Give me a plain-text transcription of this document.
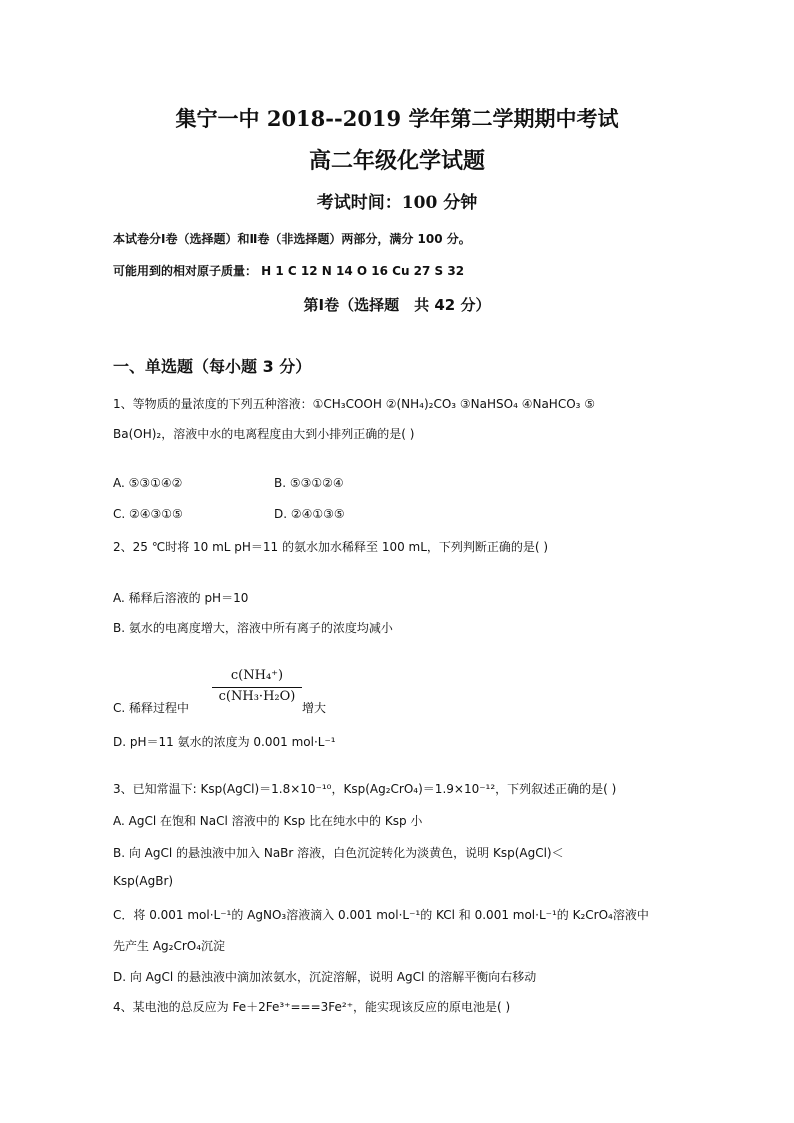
集宁一中 2018--2019 学年第二学期期中考试
高二年级化学试题
考试时间：100 分钟
本试卷分Ⅰ卷（选择题）和Ⅱ卷（非选择题）两部分，满分 100 分。
可能用到的相对原子质量： H 1 C 12 N 14 O 16 Cu 27 S 32
第Ⅰ卷（选择题　共 42 分）
一、单选题（每小题 3 分）
1、等物质的量浓度的下列五种溶液：①CH₃COOH ②(NH₄)₂CO₃ ③NaHSO₄ ④NaHCO₃ ⑤
Ba(OH)₂，溶液中水的电离程度由大到小排列正确的是( )
A. ⑤③①④②	B. ⑤③①②④
C. ②④③①⑤	D. ②④①③⑤
2、25 ℃时将 10 mL pH＝11 的氨水加水稀释至 100 mL，下列判断正确的是( )
A. 稀释后溶液的 pH＝10
B. 氨水的电离度增大，溶液中所有离子的浓度均减小
C. 稀释过程中
c(NH₄⁺)
c(NH₃·H₂O)
增大
D. pH＝11 氨水的浓度为 0.001 mol·L⁻¹
3、已知常温下: Ksp(AgCl)＝1.8×10⁻¹⁰，Ksp(Ag₂CrO₄)＝1.9×10⁻¹²，下列叙述正确的是( )
A. AgCl 在饱和 NaCl 溶液中的 Ksp 比在纯水中的 Ksp 小
B. 向 AgCl 的悬浊液中加入 NaBr 溶液，白色沉淀转化为淡黄色，说明 Ksp(AgCl)＜
Ksp(AgBr)
C．将 0.001 mol·L⁻¹的 AgNO₃溶液滴入 0.001 mol·L⁻¹的 KCl 和 0.001 mol·L⁻¹的 K₂CrO₄溶液中
先产生 Ag₂CrO₄沉淀
D. 向 AgCl 的悬浊液中滴加浓氨水，沉淀溶解，说明 AgCl 的溶解平衡向右移动
4、某电池的总反应为 Fe＋2Fe³⁺===3Fe²⁺，能实现该反应的原电池是( )
